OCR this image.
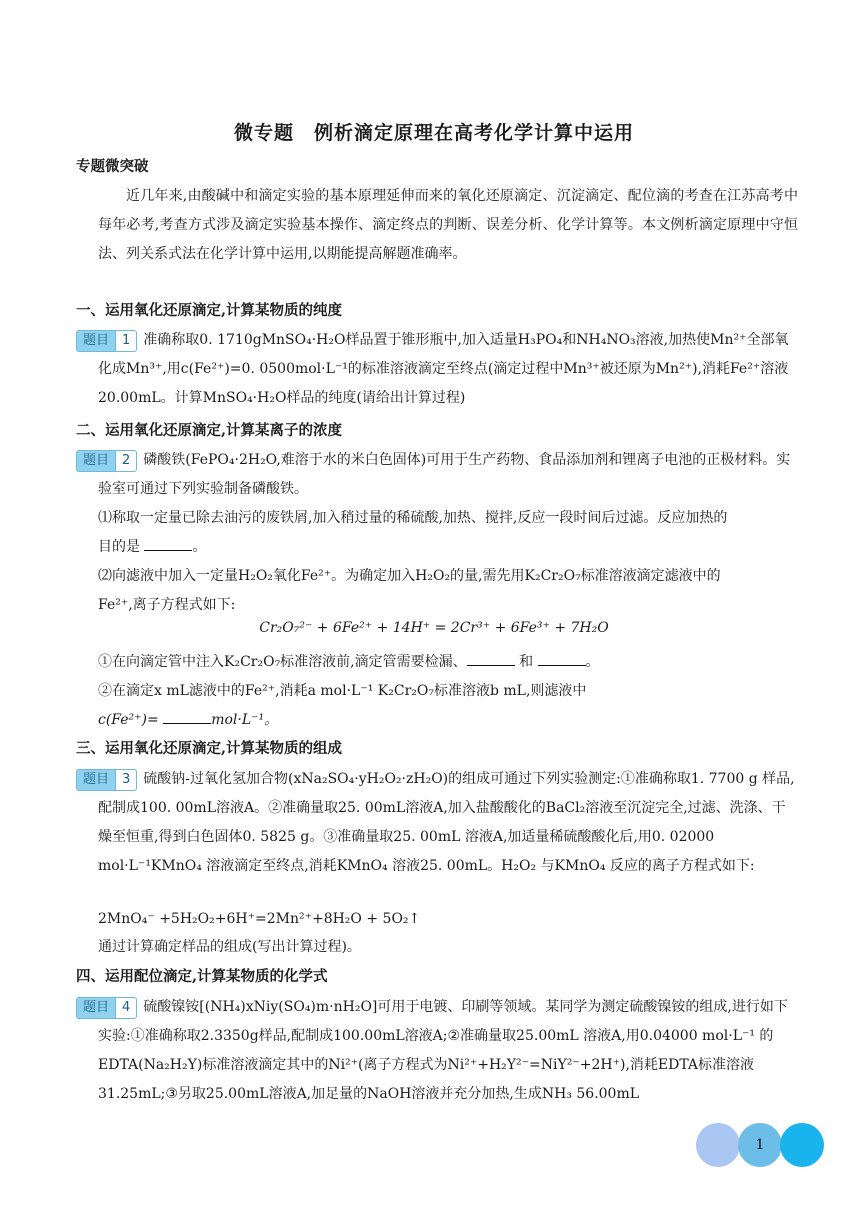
微专题　例析滴定原理在高考化学计算中运用
专题微突破

近几年来,由酸碱中和滴定实验的基本原理延伸而来的氧化还原滴定、沉淀滴定、配位滴的考查在江苏高考中每年必考,考查方式涉及滴定实验基本操作、滴定终点的判断、误差分析、化学计算等。本文例析滴定原理中守恒法、列关系式法在化学计算中运用,以期能提高解题准确率。

一、运用氧化还原滴定,计算某物质的纯度
题目 1 准确称取0. 1710gMnSO₄·H₂O样品置于锥形瓶中,加入适量H₃PO₄和NH₄NO₃溶液,加热使Mn²⁺全部氧化成Mn³⁺,用c(Fe²⁺)=0. 0500mol·L⁻¹的标准溶液滴定至终点(滴定过程中Mn³⁺被还原为Mn²⁺),消耗Fe²⁺溶液20.00mL。计算MnSO₄·H₂O样品的纯度(请给出计算过程)
二、运用氧化还原滴定,计算某离子的浓度
题目 2 磷酸铁(FePO₄·2H₂O,难溶于水的米白色固体)可用于生产药物、食品添加剂和锂离子电池的正极材料。实验室可通过下列实验制备磷酸铁。
⑴称取一定量已除去油污的废铁屑,加入稍过量的稀硫酸,加热、搅拌,反应一段时间后过滤。反应加热的
目的是	。
⑵向滤液中加入一定量H₂O₂氧化Fe²⁺。为确定加入H₂O₂的量,需先用K₂Cr₂O₇标准溶液滴定滤液中的
Fe²⁺,离子方程式如下:
Cr₂O₇²⁻ + 6Fe²⁺ + 14H⁺ = 2Cr³⁺ + 6Fe³⁺ + 7H₂O
①在向滴定管中注入K₂Cr₂O₇标准溶液前,滴定管需要检漏、	和	。
②在滴定x mL滤液中的Fe²⁺,消耗a mol·L⁻¹ K₂Cr₂O₇标准溶液b mL,则滤液中
c(Fe²⁺)=	mol·L⁻¹。
三、运用氧化还原滴定,计算某物质的组成
题目 3 硫酸钠-过氧化氢加合物(xNa₂SO₄·yH₂O₂·zH₂O)的组成可通过下列实验测定:①准确称取1. 7700 g 样品,配制成100. 00mL溶液A。②准确量取25. 00mL溶液A,加入盐酸酸化的BaCl₂溶液至沉淀完全,过滤、洗涤、干燥至恒重,得到白色固体0. 5825 g。③准确量取25. 00mL 溶液A,加适量稀硫酸酸化后,用0. 02000 mol·L⁻¹KMnO₄ 溶液滴定至终点,消耗KMnO₄ 溶液25. 00mL。H₂O₂ 与KMnO₄ 反应的离子方程式如下:
2MnO₄⁻ +5H₂O₂+6H⁺=2Mn²⁺+8H₂O + 5O₂↑
通过计算确定样品的组成(写出计算过程)。
四、运用配位滴定,计算某物质的化学式
题目 4 硫酸镍铵[(NH₄)xNiy(SO₄)m·nH₂O]可用于电镀、印刷等领域。某同学为测定硫酸镍铵的组成,进行如下实验:①准确称取2.3350g样品,配制成100.00mL溶液A;②准确量取25.00mL 溶液A,用0.04000 mol·L⁻¹ 的EDTA(Na₂H₂Y)标准溶液滴定其中的Ni²⁺(离子方程式为Ni²⁺+H₂Y²⁻=NiY²⁻+2H⁺),消耗EDTA标准溶液31.25mL;③另取25.00mL溶液A,加足量的NaOH溶液并充分加热,生成NH₃ 56.00mL
1
